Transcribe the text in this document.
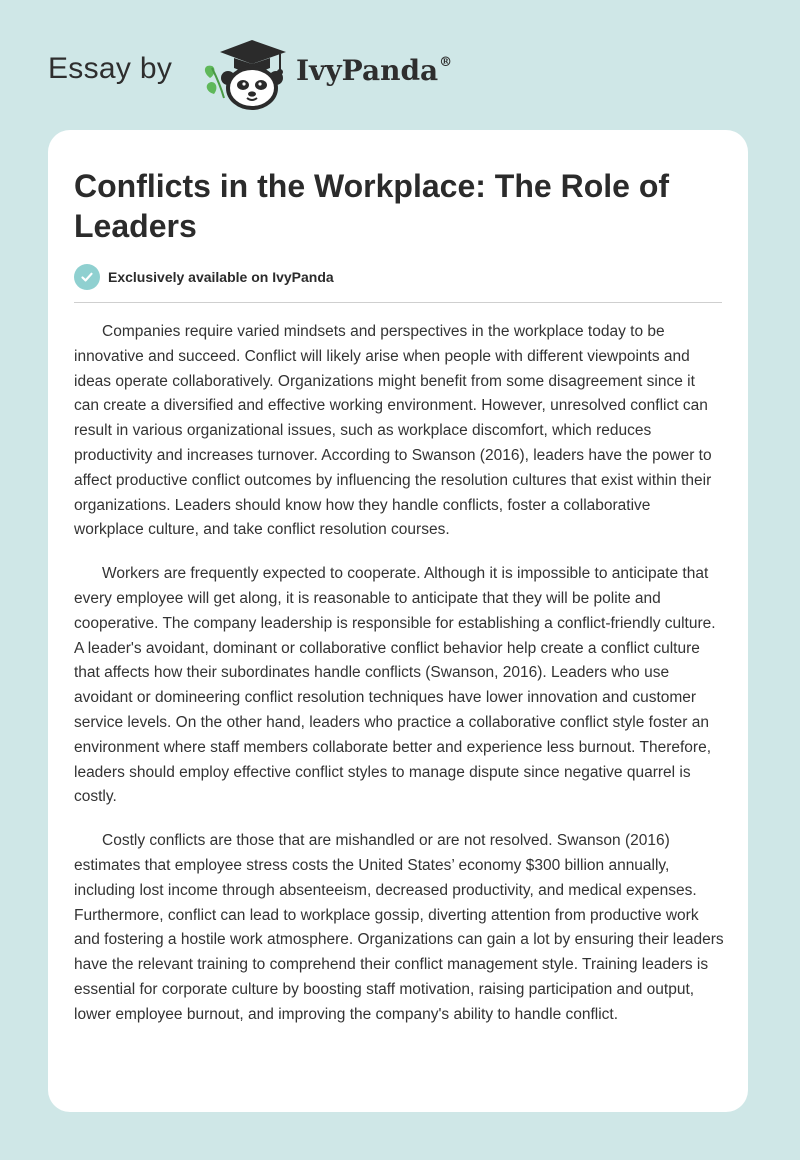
Essay by	IvyPanda®
Conflicts in the Workplace: The Role of Leaders
Exclusively available on IvyPanda

Companies require varied mindsets and perspectives in the workplace today to be innovative and succeed. Conflict will likely arise when people with different viewpoints and ideas operate collaboratively. Organizations might benefit from some disagreement since it can create a diversified and effective working environment. However, unresolved conflict can result in various organizational issues, such as workplace discomfort, which reduces productivity and increases turnover. According to Swanson (2016), leaders have the power to affect productive conflict outcomes by influencing the resolution cultures that exist within their organizations. Leaders should know how they handle conflicts, foster a collaborative workplace culture, and take conflict resolution courses.

Workers are frequently expected to cooperate. Although it is impossible to anticipate that every employee will get along, it is reasonable to anticipate that they will be polite and cooperative. The company leadership is responsible for establishing a conflict-friendly culture. A leader's avoidant, dominant or collaborative conflict behavior help create a conflict culture that affects how their subordinates handle conflicts (Swanson, 2016). Leaders who use avoidant or domineering conflict resolution techniques have lower innovation and customer service levels. On the other hand, leaders who practice a collaborative conflict style foster an environment where staff members collaborate better and experience less burnout. Therefore, leaders should employ effective conflict styles to manage dispute since negative quarrel is costly.

Costly conflicts are those that are mishandled or are not resolved. Swanson (2016) estimates that employee stress costs the United States’ economy $300 billion annually, including lost income through absenteeism, decreased productivity, and medical expenses. Furthermore, conflict can lead to workplace gossip, diverting attention from productive work and fostering a hostile work atmosphere. Organizations can gain a lot by ensuring their leaders have the relevant training to comprehend their conflict management style. Training leaders is essential for corporate culture by boosting staff motivation, raising participation and output, lower employee burnout, and improving the company's ability to handle conflict.
